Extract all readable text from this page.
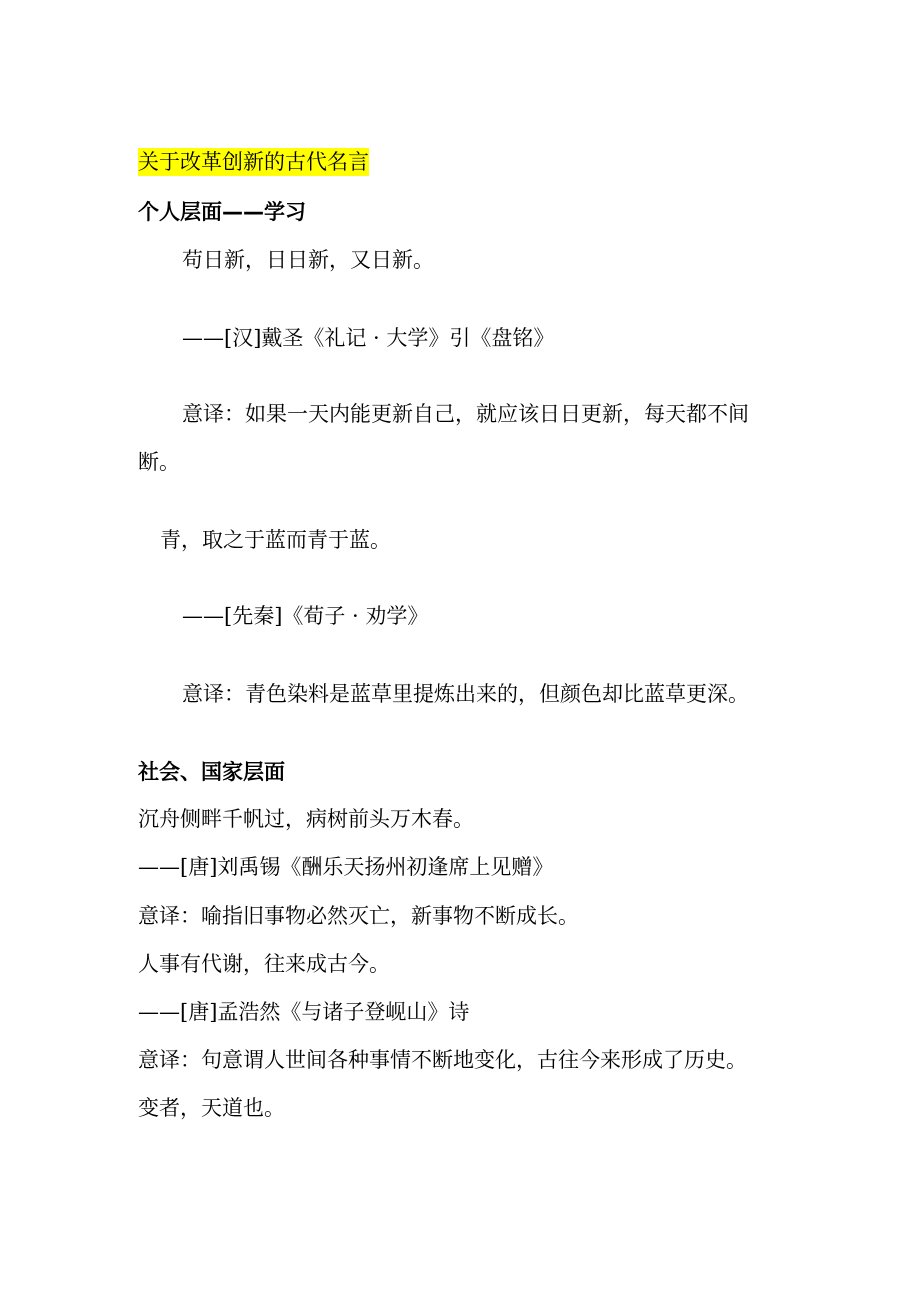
关于改革创新的古代名言
个人层面——学习
苟日新，日日新，又日新。
——[汉]戴圣《礼记 · 大学》引《盘铭》
意译：如果一天内能更新自己，就应该日日更新，每天都不间
断。
青，取之于蓝而青于蓝。
——[先秦]《荀子 · 劝学》
意译：青色染料是蓝草里提炼出来的，但颜色却比蓝草更深。
社会、国家层面
沉舟侧畔千帆过，病树前头万木春。
——[唐]刘禹锡《酬乐天扬州初逢席上见赠》
意译：喻指旧事物必然灭亡，新事物不断成长。
人事有代谢，往来成古今。
——[唐]孟浩然《与诸子登岘山》诗
意译：句意谓人世间各种事情不断地变化，古往今来形成了历史。
变者，天道也。
